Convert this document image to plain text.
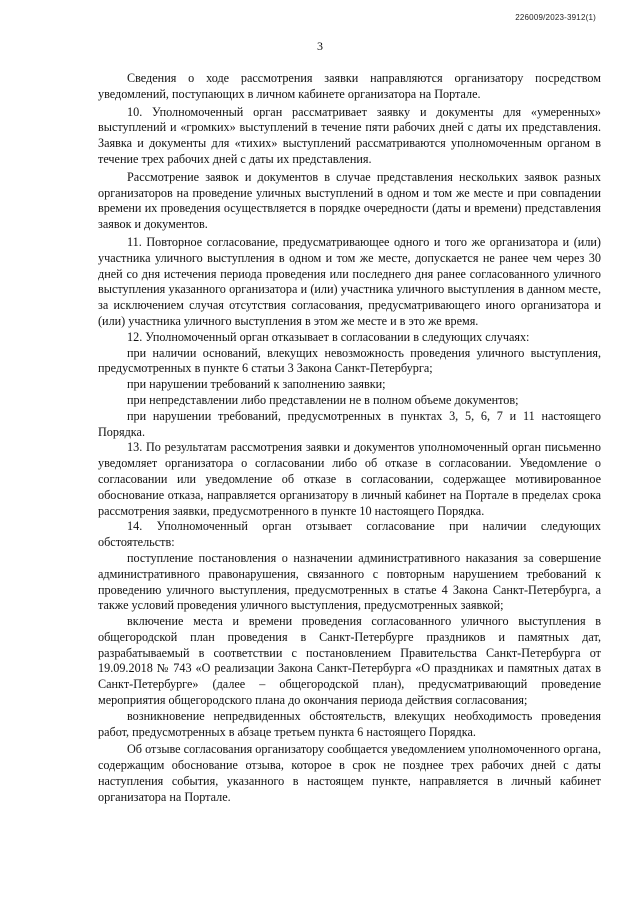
226009/2023-3912(1)
3

Сведения о ходе рассмотрения заявки направляются организатору посредством уведомлений, поступающих в личном кабинете организатора на Портале.

10. Уполномоченный орган рассматривает заявку и документы для «умеренных» выступлений и «громких» выступлений в течение пяти рабочих дней с даты их представления. Заявка и документы для «тихих» выступлений рассматриваются уполномоченным органом в течение трех рабочих дней с даты их представления.

Рассмотрение заявок и документов в случае представления нескольких заявок разных организаторов на проведение уличных выступлений в одном и том же месте и при совпадении времени их проведения осуществляется в порядке очередности (даты и времени) представления заявок и документов.

11. Повторное согласование, предусматривающее одного и того же организатора и (или) участника уличного выступления в одном и том же месте, допускается не ранее чем через 30 дней со дня истечения периода проведения или последнего дня ранее согласованного уличного выступления указанного организатора и (или) участника уличного выступления в данном месте, за исключением случая отсутствия согласования, предусматривающего иного организатора и (или) участника уличного выступления в этом же месте и в это же время.

12. Уполномоченный орган отказывает в согласовании в следующих случаях:

при наличии оснований, влекущих невозможность проведения уличного выступления, предусмотренных в пункте 6 статьи 3 Закона Санкт-Петербурга;

при нарушении требований к заполнению заявки;

при непредставлении либо представлении не в полном объеме документов;

при нарушении требований, предусмотренных в пунктах 3, 5, 6, 7 и 11 настоящего Порядка.

13. По результатам рассмотрения заявки и документов уполномоченный орган письменно уведомляет организатора о согласовании либо об отказе в согласовании. Уведомление о согласовании или уведомление об отказе в согласовании, содержащее мотивированное обоснование отказа, направляется организатору в личный кабинет на Портале в пределах срока рассмотрения заявки, предусмотренного в пункте 10 настоящего Порядка.

14. Уполномоченный орган отзывает согласование при наличии следующих обстоятельств:

поступление постановления о назначении административного наказания за совершение административного правонарушения, связанного с повторным нарушением требований к проведению уличного выступления, предусмотренных в статье 4 Закона Санкт-Петербурга, а также условий проведения уличного выступления, предусмотренных заявкой;

включение места и времени проведения согласованного уличного выступления в общегородской план проведения в Санкт-Петербурге праздников и памятных дат, разрабатываемый в соответствии с постановлением Правительства Санкт-Петербурга от 19.09.2018 № 743 «О реализации Закона Санкт-Петербурга «О праздниках и памятных датах в Санкт-Петербурге» (далее – общегородской план), предусматривающий проведение мероприятия общегородского плана до окончания периода действия согласования;

возникновение непредвиденных обстоятельств, влекущих необходимость проведения работ, предусмотренных в абзаце третьем пункта 6 настоящего Порядка.

Об отзыве согласования организатору сообщается уведомлением уполномоченного органа, содержащим обоснование отзыва, которое в срок не позднее трех рабочих дней с даты наступления события, указанного в настоящем пункте, направляется в личный кабинет организатора на Портале.
